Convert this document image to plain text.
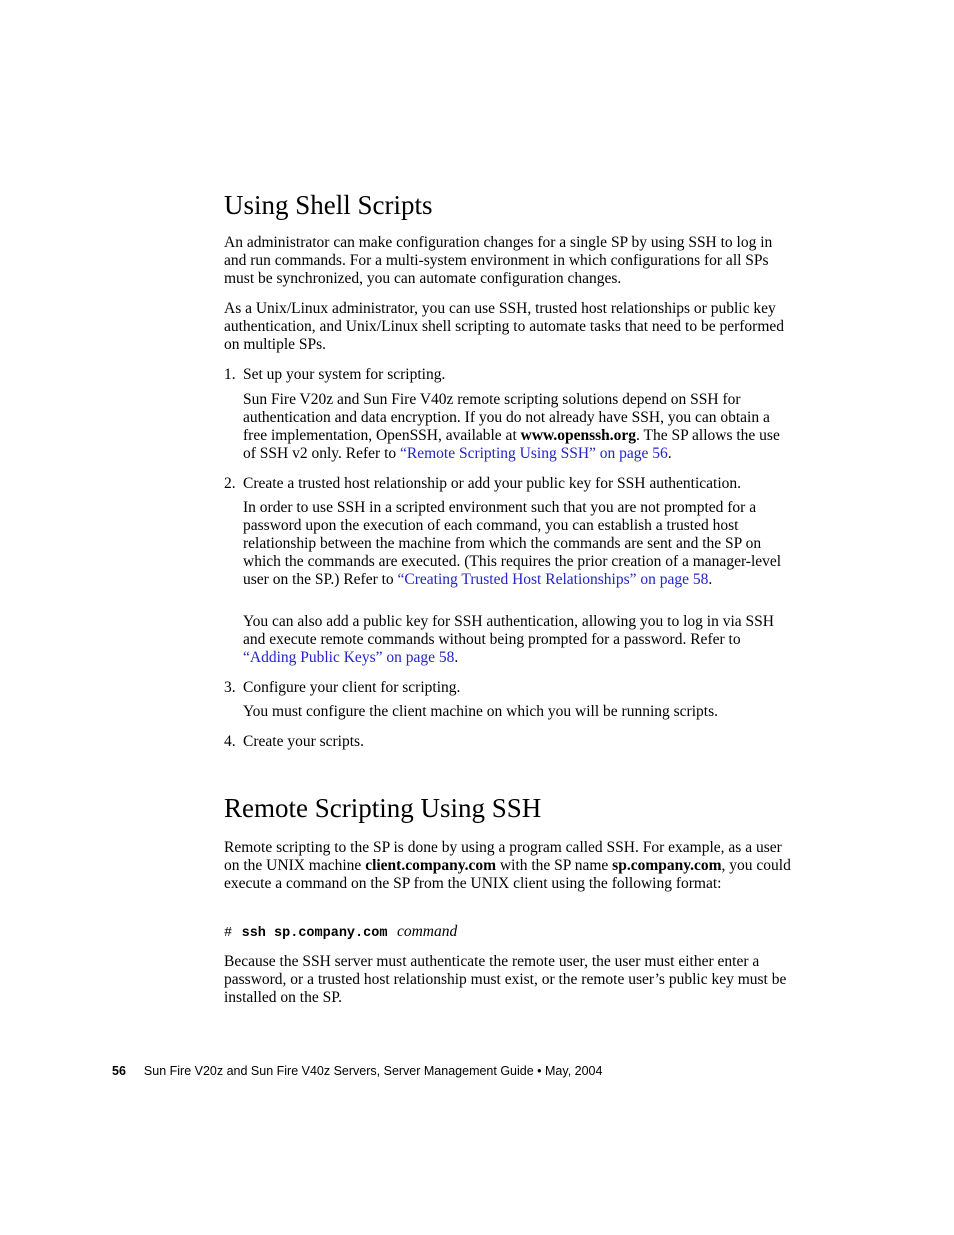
Using Shell Scripts

An administrator can make configuration changes for a single SP by using SSH to log in and run commands. For a multi-system environment in which configurations for all SPs must be synchronized, you can automate configuration changes.

As a Unix/Linux administrator, you can use SSH, trusted host relationships or public key authentication, and Unix/Linux shell scripting to automate tasks that need to be performed on multiple SPs.

1. Set up your system for scripting.

Sun Fire V20z and Sun Fire V40z remote scripting solutions depend on SSH for authentication and data encryption. If you do not already have SSH, you can obtain a free implementation, OpenSSH, available at www.openssh.org. The SP allows the use of SSH v2 only. Refer to “Remote Scripting Using SSH” on page 56.

2. Create a trusted host relationship or add your public key for SSH authentication.

In order to use SSH in a scripted environment such that you are not prompted for a password upon the execution of each command, you can establish a trusted host relationship between the machine from which the commands are sent and the SP on which the commands are executed. (This requires the prior creation of a manager-level user on the SP.) Refer to “Creating Trusted Host Relationships” on page 58.

You can also add a public key for SSH authentication, allowing you to log in via SSH and execute remote commands without being prompted for a password. Refer to “Adding Public Keys” on page 58.

3. Configure your client for scripting.

You must configure the client machine on which you will be running scripts.

4. Create your scripts.
Remote Scripting Using SSH

Remote scripting to the SP is done by using a program called SSH. For example, as a user on the UNIX machine client.company.com with the SP name sp.company.com, you could execute a command on the SP from the UNIX client using the following format:

# ssh sp.company.com command

Because the SSH server must authenticate the remote user, the user must either enter a password, or a trusted host relationship must exist, or the remote user’s public key must be installed on the SP.

56 Sun Fire V20z and Sun Fire V40z Servers, Server Management Guide • May, 2004
